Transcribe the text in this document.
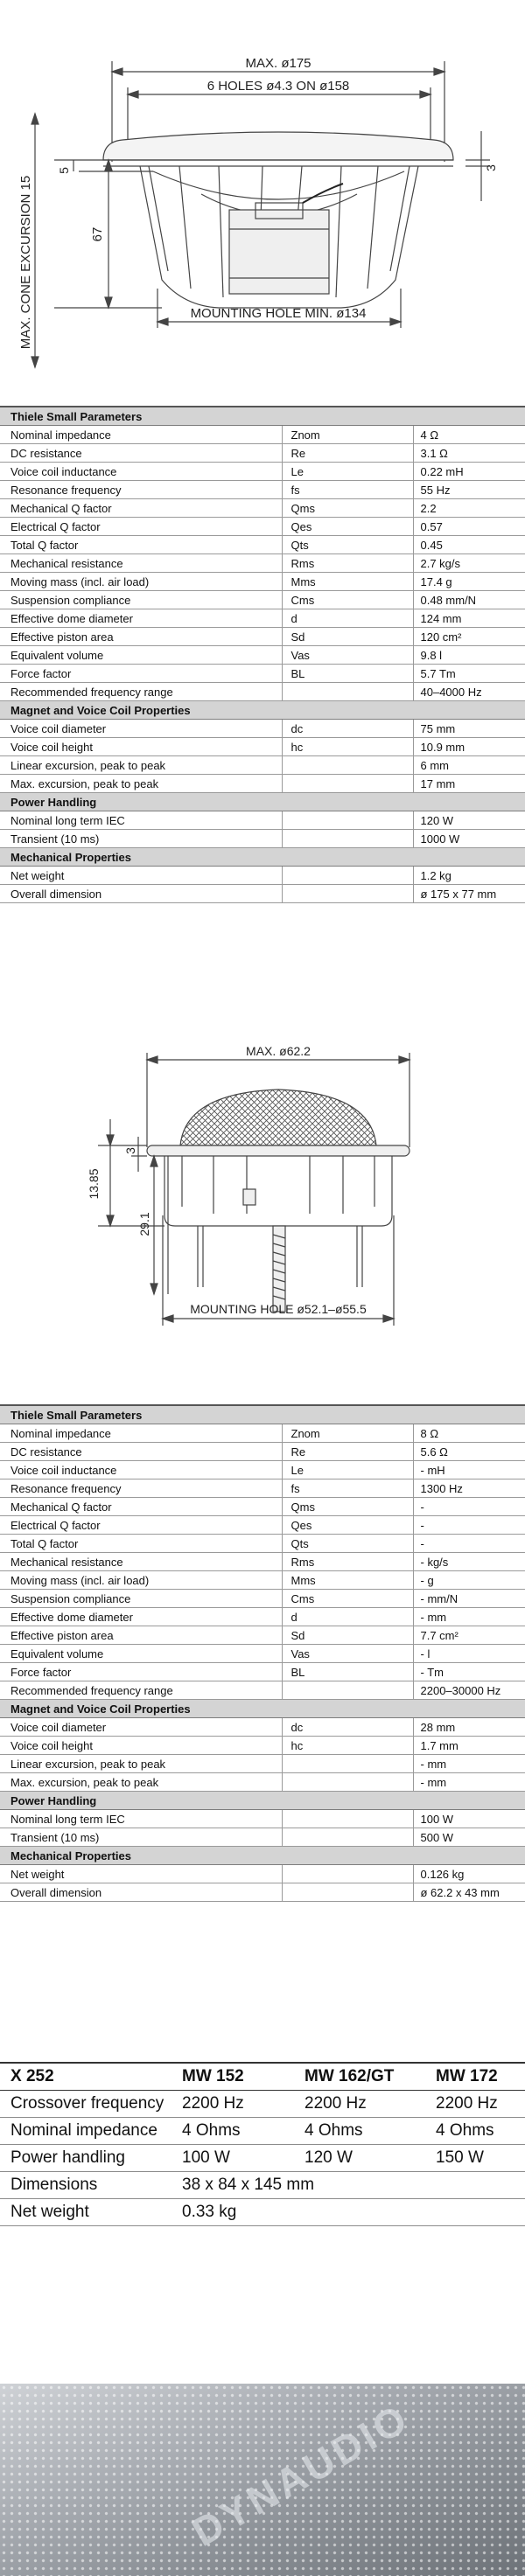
MAX. ø175
6 HOLES ø4.3 ON ø158
5	3
67
MAX. CONE EXCURSION 15	MOUNTING HOLE MIN. ø134
Thiele Small Parameters		
Nominal impedance	Znom	4 Ω
DC resistance	Re	3.1 Ω
Voice coil inductance	Le	0.22 mH
Resonance frequency	fs	55 Hz
Mechanical Q factor	Qms	2.2
Electrical Q factor	Qes	0.57
Total Q factor	Qts	0.45
Mechanical resistance	Rms	2.7 kg/s
Moving mass (incl. air load)	Mms	17.4 g
Suspension compliance	Cms	0.48 mm/N
Effective dome diameter	d	124 mm
Effective piston area	Sd	120 cm²
Equivalent volume	Vas	9.8 l
Force factor	BL	5.7 Tm
Recommended frequency range		40–4000 Hz
Magnet and Voice Coil Properties		
Voice coil diameter	dc	75 mm
Voice coil height	hc	10.9 mm
Linear excursion, peak to peak		6 mm
Max. excursion, peak to peak		17 mm
Power Handling		
Nominal long term IEC		120 W
Transient (10 ms)		1000 W
Mechanical Properties		
Net weight		1.2 kg
Overall dimension		ø 175 x 77 mm
MAX. ø62.2
13.85
3
29.1
MOUNTING HOLE ø52.1–ø55.5
Thiele Small Parameters		
Nominal impedance	Znom	8 Ω
DC resistance	Re	5.6 Ω
Voice coil inductance	Le	- mH
Resonance frequency	fs	1300 Hz
Mechanical Q factor	Qms	-
Electrical Q factor	Qes	-
Total Q factor	Qts	-
Mechanical resistance	Rms	- kg/s
Moving mass (incl. air load)	Mms	- g
Suspension compliance	Cms	- mm/N
Effective dome diameter	d	- mm
Effective piston area	Sd	7.7 cm²
Equivalent volume	Vas	- l
Force factor	BL	- Tm
Recommended frequency range		2200–30000 Hz
Magnet and Voice Coil Properties		
Voice coil diameter	dc	28 mm
Voice coil height	hc	1.7 mm
Linear excursion, peak to peak		- mm
Max. excursion, peak to peak		- mm
Power Handling		
Nominal long term IEC		100 W
Transient (10 ms)		500 W
Mechanical Properties		
Net weight		0.126 kg
Overall dimension		ø 62.2 x 43 mm
X 252	MW 152	MW 162/GT	MW 172
Crossover frequency	2200 Hz	2200 Hz	2200 Hz
Nominal impedance	4 Ohms	4 Ohms	4 Ohms
Power handling	100 W	120 W	150 W
Dimensions	38 x 84 x 145 mm		
Net weight	0.33 kg		
DYNAUDIO
